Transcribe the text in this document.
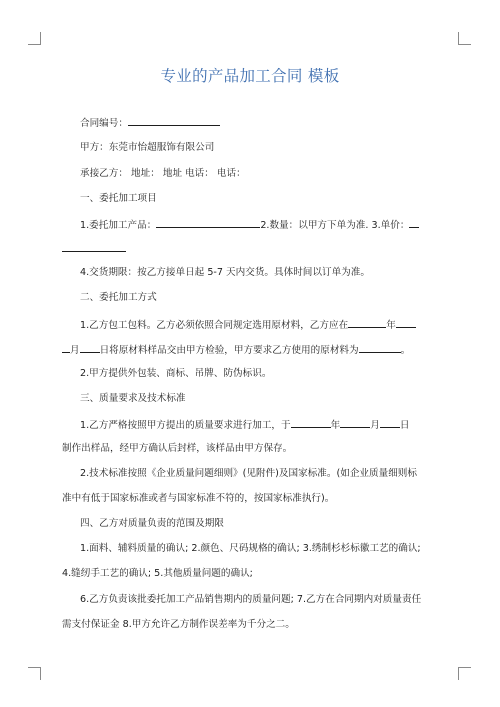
专业的产品加工合同 模板
合同编号：
甲方：东莞市怡超服饰有限公司
承接乙方： 地址： 地址 电话： 电话：
一、委托加工项目
1.委托加工产品：	2.数量：以甲方下单为准. 3.单价：
4.交货期限：按乙方接单日起 5-7 天内交货。具体时间以订单为准。
二、委托加工方式
1.乙方包工包料。乙方必须依照合同规定选用原材料，乙方应在	年
月 日将原材料样品交由甲方检验，甲方要求乙方使用的原材料为	。
2.甲方提供外包装、商标、吊牌、防伪标识。
三、质量要求及技术标准
1.乙方严格按照甲方提出的质量要求进行加工，于	年	月 日
制作出样品，经甲方确认后封样，该样品由甲方保存。
2.技术标准按照《企业质量问题细则》(见附件)及国家标准。(如企业质量细则标
准中有低于国家标准或者与国家标准不符的，按国家标准执行)。
四、乙方对质量负责的范围及期限
1.面料、辅料质量的确认; 2.颜色、尺码规格的确认; 3.绣制杉杉标徽工艺的确认;
4.缝纫手工艺的确认; 5.其他质量问题的确认;
6.乙方负责该批委托加工产品销售期内的质量问题; 7.乙方在合同期内对质量责任
需支付保证金 8.甲方允许乙方制作误差率为千分之二。
